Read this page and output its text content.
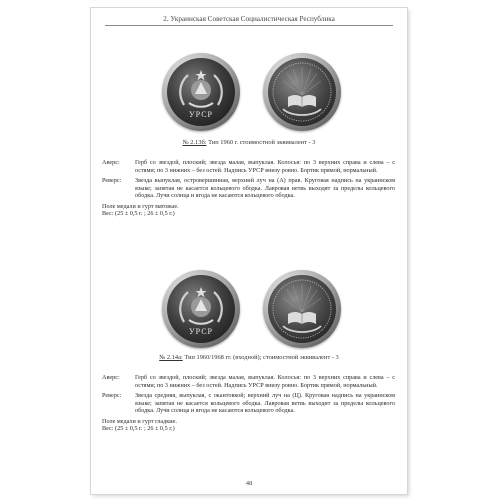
2. Украинская Советская Социалистическая Республика
УРСР
№ 2.13б: Тип 1960 г. стоимостной эквивалент - 3
Аверс:	Герб со звездой, плоский; звезда малая, выпуклая. Колосья: по 3 верхних справа и слева – с остями; по 3 нижних – без остей. Надпись УРСР внизу ровно. Бортик прямой, нормальный.
Реверс:	Звезда выпуклая, островершинная, верхний луч на (А) прав. Круговая надпись на украинском языке; запятая не касается кольцевого ободка. Лавровая ветвь выходят за пределы кольцевого ободка. Лучи солнца и ягода не касаются кольцевого ободка.
Поле медали и гурт матовые.
Вес: (25 ± 0,5 г. ; 26 ± 0,5 г.)
УРСР
№ 2.14а: Тип 1960/1968 гг. (входной); стоимостной эквивалент - 3
Аверс:	Герб со звездой, плоский; звезда малая, выпуклая. Колосья: по 3 верхних справа и слева – с остями; по 3 нижних – без остей. Надпись УРСР внизу ровно. Бортик прямой, нормальный.
Реверс:	Звезда средняя, выпуклая, с окантовкой; верхний луч на (Ц). Круговая надпись на украинском языке; запятая не касается кольцевого ободка. Лавровая ветвь выходит за пределы кольцевого ободка. Лучи солнца и ягода не касаются кольцевого ободка.
Поле медали и гурт гладкие.
Вес: (25 ± 0,5 г. ; 26 ± 0,5 г.)
48
